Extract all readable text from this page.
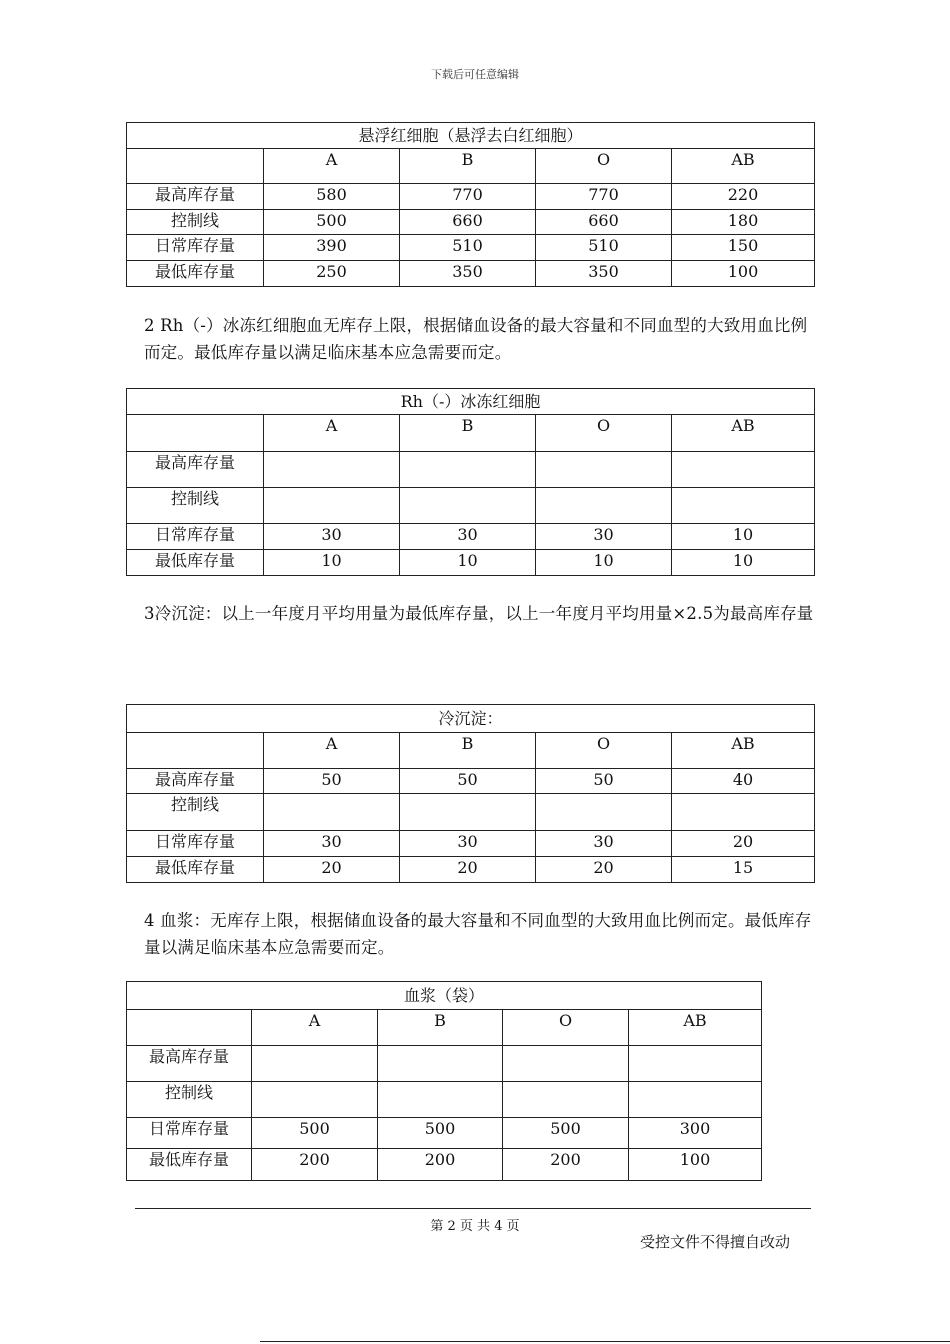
下载后可任意编辑
悬浮红细胞（悬浮去白红细胞）				
	A	B	O	AB
最高库存量	580	770	770	220
控制线	500	660	660	180
日常库存量	390	510	510	150
最低库存量	250	350	350	100
2 Rh（-）冰冻红细胞血无库存上限，根据储血设备的最大容量和不同血型的大致用血比例而定。最低库存量以满足临床基本应急需要而定。
Rh（-）冰冻红细胞				
	A	B	O	AB
最高库存量				
控制线				
日常库存量	30	30	30	10
最低库存量	10	10	10	10
3冷沉淀：以上一年度月平均用量为最低库存量，以上一年度月平均用量×2.5为最高库存量
冷沉淀：				
	A	B	O	AB
最高库存量	50	50	50	40
控制线				
日常库存量	30	30	30	20
最低库存量	20	20	20	15
4 血浆：无库存上限，根据储血设备的最大容量和不同血型的大致用血比例而定。最低库存量以满足临床基本应急需要而定。
血浆（袋）				
	A	B	O	AB
最高库存量				
控制线				
日常库存量	500	500	500	300
最低库存量	200	200	200	100
第 2 页 共 4 页
受控文件不得擅自改动
